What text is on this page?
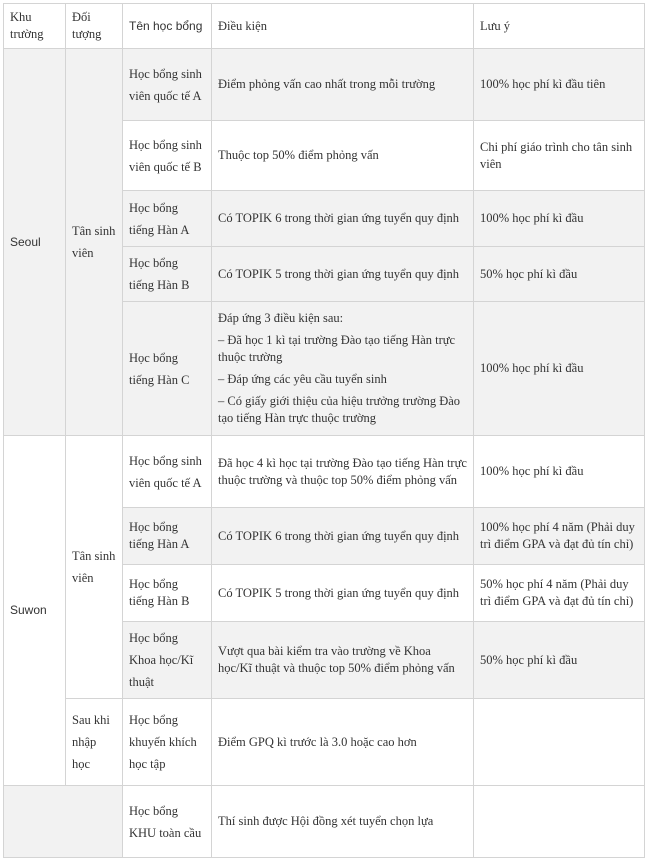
Khu trường	Đối tượng	Tên học bổng	Điều kiện	Lưu ý
Seoul	Tân sinh viên	Học bổng sinh viên quốc tế A	Điểm phỏng vấn cao nhất trong mỗi trường	100% học phí kì đầu tiên
		Học bổng sinh viên quốc tế B	Thuộc top 50% điểm phỏng vấn	Chi phí giáo trình cho tân sinh viên
		Học bổng tiếng Hàn A	Có TOPIK 6 trong thời gian ứng tuyển quy định	100% học phí kì đầu
		Học bổng tiếng Hàn B	Có TOPIK 5 trong thời gian ứng tuyển quy định	50% học phí kì đầu
		Học bổng tiếng Hàn C	Đáp ứng 3 điều kiện sau:

– Đã học 1 kì tại trường Đào tạo tiếng Hàn trực thuộc trường

– Đáp ứng các yêu cầu tuyển sinh

– Có giấy giới thiệu của hiệu trưởng trường Đào tạo tiếng Hàn trực thuộc trường	100% học phí kì đầu
Suwon	Tân sinh viên	Học bổng sinh viên quốc tế A	Đã học 4 kì học tại trường Đào tạo tiếng Hàn trực thuộc trường và thuộc top 50% điểm phỏng vấn	100% học phí kì đầu
		Học bổng tiếng Hàn A	Có TOPIK 6 trong thời gian ứng tuyển quy định	100% học phí 4 năm (Phải duy trì điểm GPA và đạt đủ tín chỉ)
		Học bổng tiếng Hàn B	Có TOPIK 5 trong thời gian ứng tuyển quy định	50% học phí 4 năm (Phải duy trì điểm GPA và đạt đủ tín chỉ)
		Học bổng Khoa học/Kĩ thuật	Vượt qua bài kiểm tra vào trường về Khoa học/Kĩ thuật và thuộc top 50% điểm phỏng vấn	50% học phí kì đầu
	Sau khi nhập học	Học bổng khuyến khích học tập	Điểm GPQ kì trước là 3.0 hoặc cao hơn	
		Học bổng KHU toàn cầu	Thí sinh được Hội đồng xét tuyển chọn lựa	
